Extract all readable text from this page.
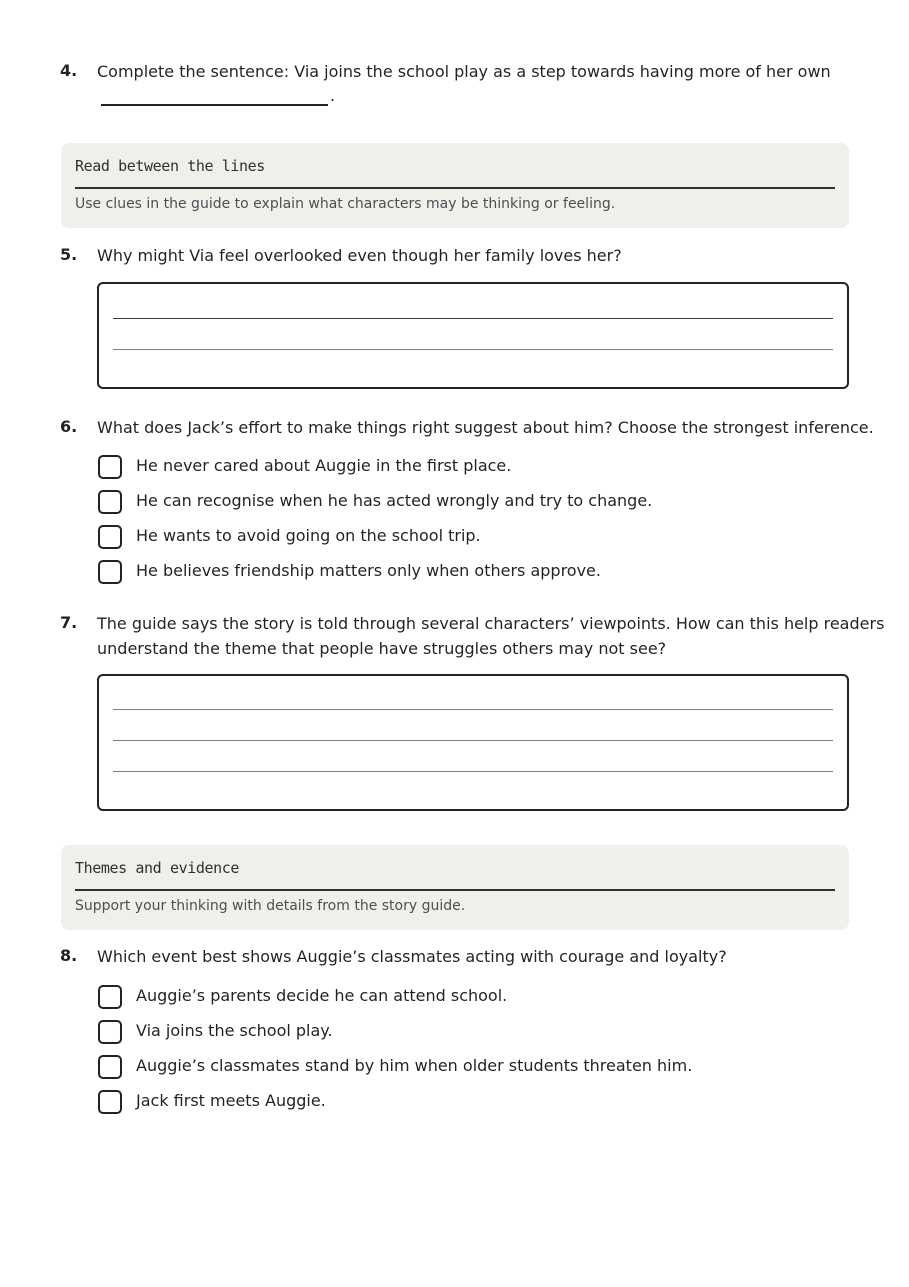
4. Complete the sentence: Via joins the school play as a step towards having more of her own
.
Read between the lines
Use clues in the guide to explain what characters may be thinking or feeling.
5. Why might Via feel overlooked even though her family loves her?
6. What does Jack’s effort to make things right suggest about him? Choose the strongest inference.
He never cared about Auggie in the first place.
He can recognise when he has acted wrongly and try to change.
He wants to avoid going on the school trip.
He believes friendship matters only when others approve.
7. The guide says the story is told through several characters’ viewpoints. How can this help readers
understand the theme that people have struggles others may not see?
Themes and evidence
Support your thinking with details from the story guide.
8. Which event best shows Auggie’s classmates acting with courage and loyalty?
Auggie’s parents decide he can attend school.
Via joins the school play.
Auggie’s classmates stand by him when older students threaten him.
Jack first meets Auggie.
